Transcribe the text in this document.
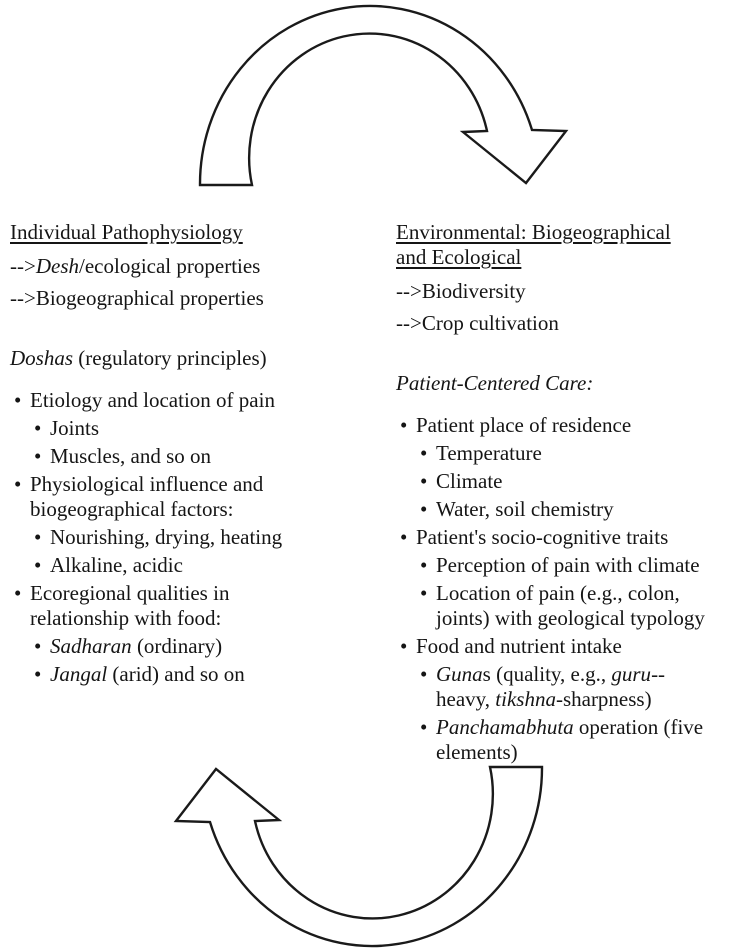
Individual Pathophysiology

-->Desh/ecological properties

-->Biogeographical properties

Doshas (regulatory principles)

• Etiology and location of pain
• Joints
• Muscles, and so on
• Physiological influence and
biogeographical factors:
• Nourishing, drying, heating
• Alkaline, acidic
• Ecoregional qualities in
relationship with food:
• Sadharan (ordinary)
• Jangal (arid) and so on
Environmental: Biogeographical
and Ecological

-->Biodiversity

-->Crop cultivation

Patient-Centered Care:

• Patient place of residence
• Temperature
• Climate
• Water, soil chemistry
• Patient's socio-cognitive traits
• Perception of pain with climate
• Location of pain (e.g., colon,
joints) with geological typology
• Food and nutrient intake
• Gunas (quality, e.g., guru--
heavy, tikshna-sharpness)
• Panchamabhuta operation (five
elements)
